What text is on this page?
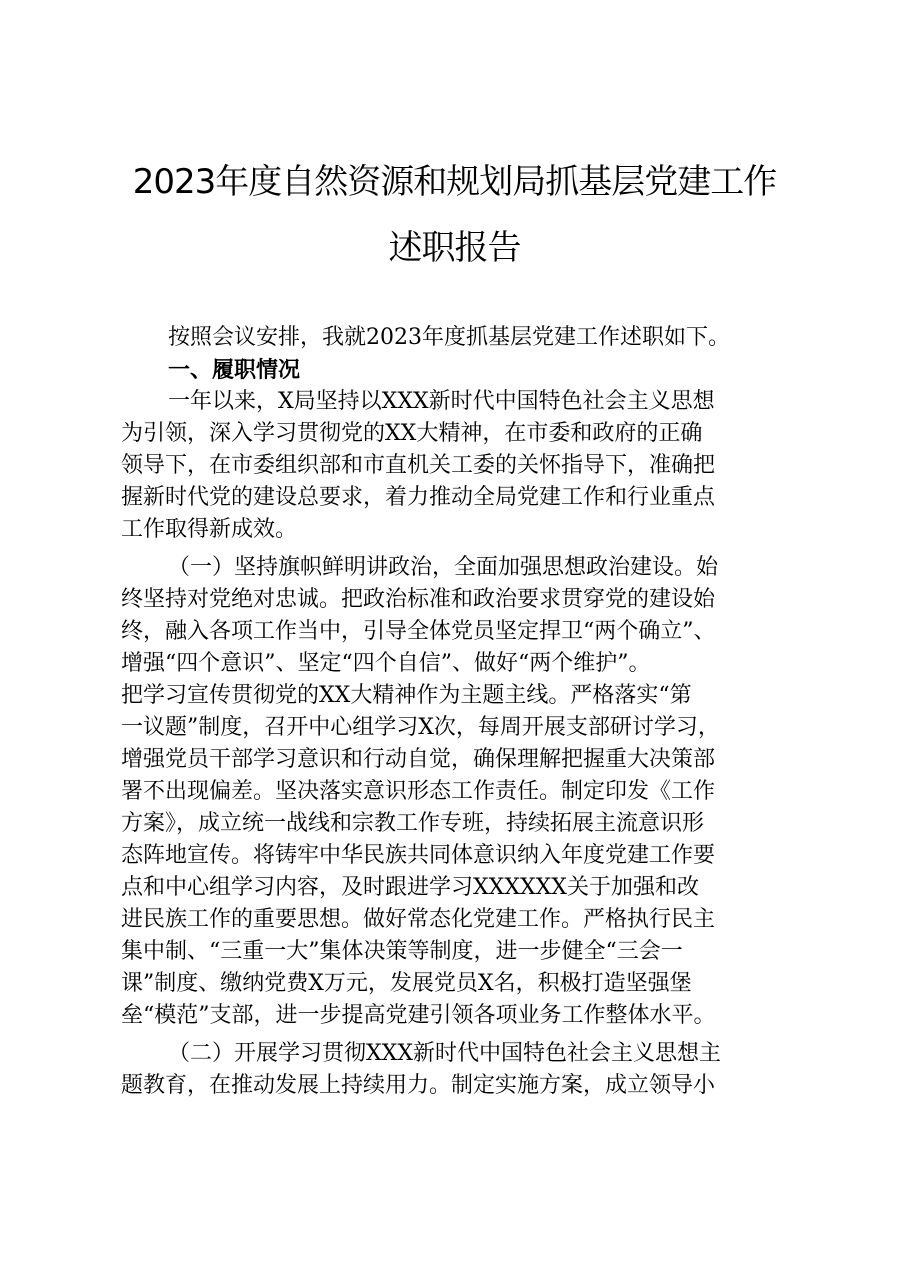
2023年度自然资源和规划局抓基层党建工作
述职报告
按照会议安排，我就2023年度抓基层党建工作述职如下。
一、履职情况
一年以来，X局坚持以XXX新时代中国特色社会主义思想
为引领，深入学习贯彻党的XX大精神，在市委和政府的正确
领导下，在市委组织部和市直机关工委的关怀指导下，准确把
握新时代党的建设总要求，着力推动全局党建工作和行业重点
工作取得新成效。
（一）坚持旗帜鲜明讲政治，全面加强思想政治建设。始
终坚持对党绝对忠诚。把政治标准和政治要求贯穿党的建设始
终，融入各项工作当中，引导全体党员坚定捍卫“两个确立”、
增强“四个意识”、坚定“四个自信”、做好“两个维护”。
把学习宣传贯彻党的XX大精神作为主题主线。严格落实“第
一议题”制度，召开中心组学习X次，每周开展支部研讨学习，
增强党员干部学习意识和行动自觉，确保理解把握重大决策部
署不出现偏差。坚决落实意识形态工作责任。制定印发《工作
方案》，成立统一战线和宗教工作专班，持续拓展主流意识形
态阵地宣传。将铸牢中华民族共同体意识纳入年度党建工作要
点和中心组学习内容，及时跟进学习XXXXXX关于加强和改
进民族工作的重要思想。做好常态化党建工作。严格执行民主
集中制、“三重一大”集体决策等制度，进一步健全“三会一
课”制度、缴纳党费X万元，发展党员X名，积极打造坚强堡
垒“模范”支部，进一步提高党建引领各项业务工作整体水平。
（二）开展学习贯彻XXX新时代中国特色社会主义思想主
题教育，在推动发展上持续用力。制定实施方案，成立领导小
